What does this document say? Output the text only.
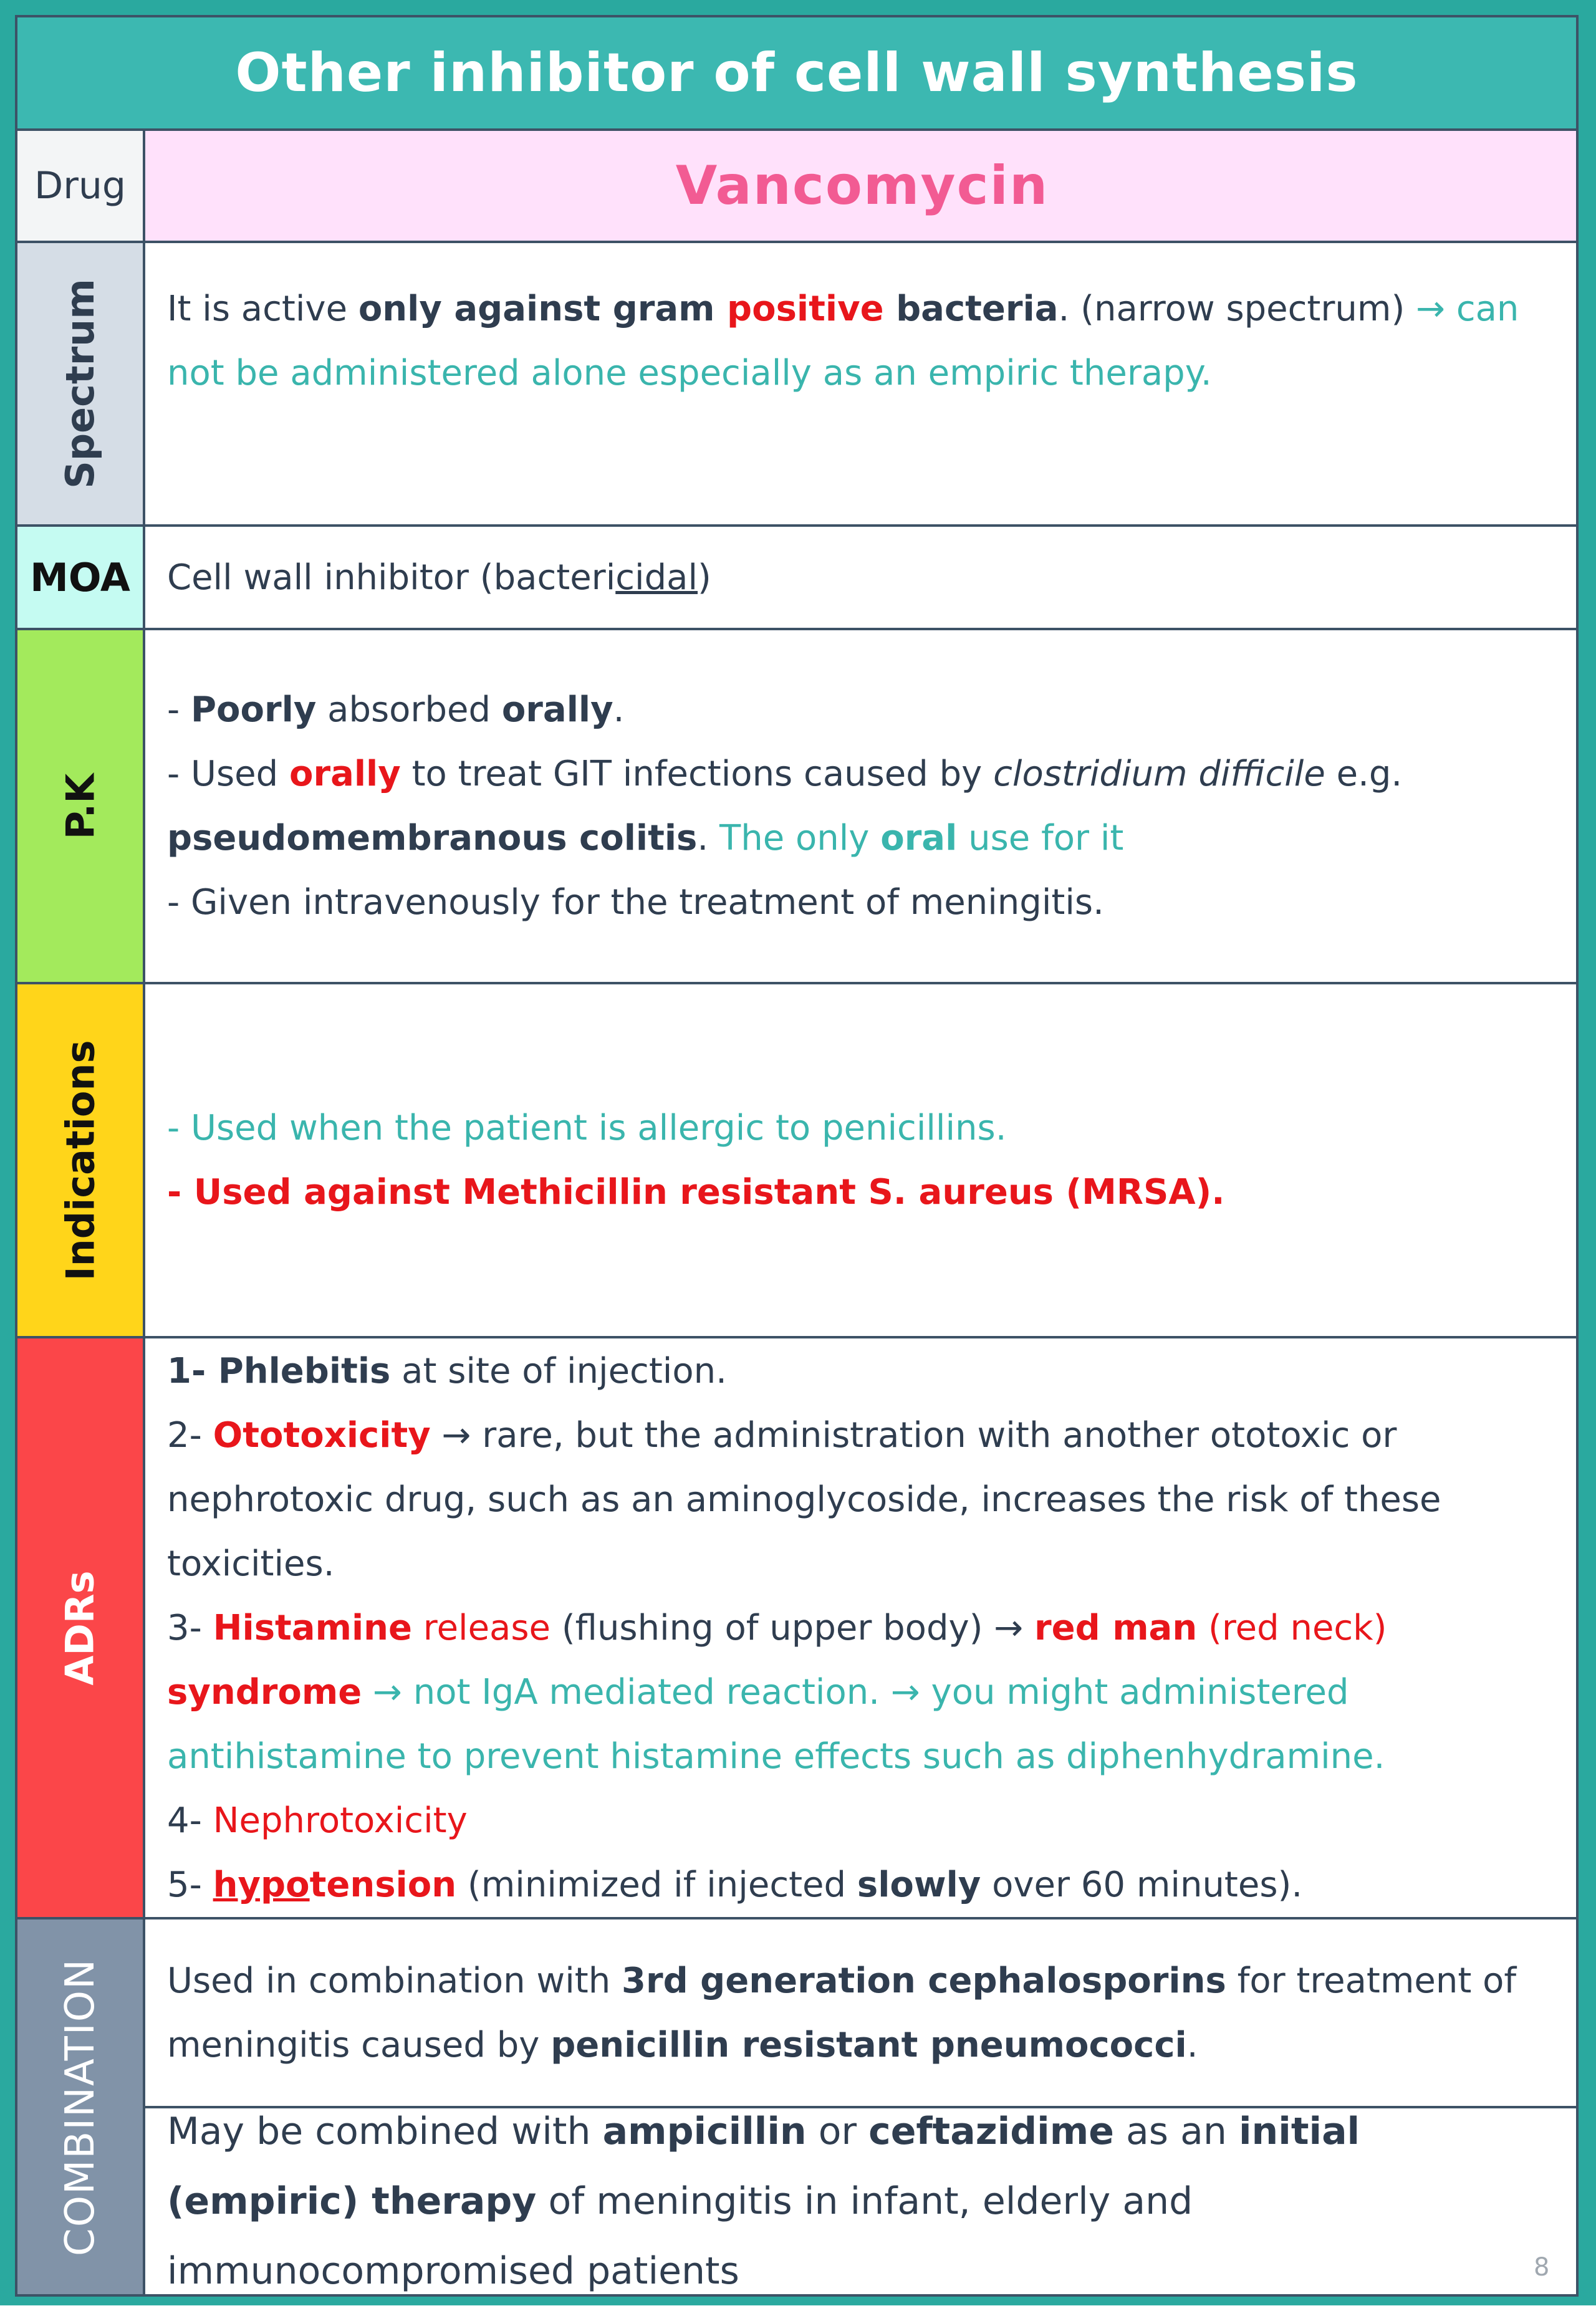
Other inhibitor of cell wall synthesis
Drug	Vancomycin
Spectrum It is active only against gram positive bacteria. (narrow spectrum) → can not be administered alone especially as an empiric therapy.

MOA Cell wall inhibitor (bactericidal)

P.K

- Poorly absorbed orally.

- Used orally to treat GIT infections caused by clostridium difficile e.g.

pseudomembranous colitis. The only oral use for it

- Given intravenously for the treatment of meningitis.

Indications - Used when the patient is allergic to penicillins.

- Used against Methicillin resistant S. aureus (MRSA).

ADRs

1- Phlebitis at site of injection.

2- Ototoxicity → rare, but the administration with another ototoxic or nephrotoxic drug, such as an aminoglycoside, increases the risk of these toxicities.

3- Histamine release (flushing of upper body) → red man (red neck) syndrome → not IgA mediated reaction. → you might administered antihistamine to prevent histamine effects such as diphenhydramine.

4- Nephrotoxicity

5- hypotension (minimized if injected slowly over 60 minutes).

COMBINATION Used in combination with 3rd generation cephalosporins for treatment of meningitis caused by penicillin resistant pneumococci.

May be combined with ampicillin or ceftazidime as an initial (empiric) therapy of meningitis in infant, elderly and immunocompromised patients	8
